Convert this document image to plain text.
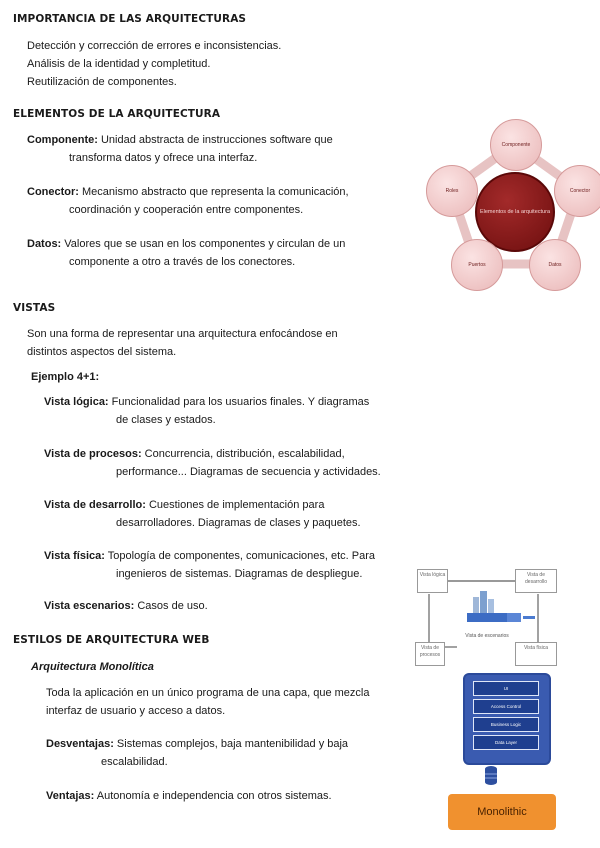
IMPORTANCIA DE LAS ARQUITECTURAS
Detección y corrección de errores e inconsistencias.
Análisis de la identidad y completitud.
Reutilización de componentes.
ELEMENTOS DE LA ARQUITECTURA
Componente: Unidad abstracta de instrucciones software que
transforma datos y ofrece una interfaz.
Conector: Mecanismo abstracto que representa la comunicación,
coordinación y cooperación entre componentes.
Datos: Valores que se usan en los componentes y circulan de un
componente a otro a través de los conectores.
Elementos de la arquitectura
Componente
Conector
Datos
Puertos
Roles
VISTAS
Son una forma de representar una arquitectura enfocándose en
distintos aspectos del sistema.
Ejemplo 4+1:
Vista lógica: Funcionalidad para los usuarios finales. Y diagramas
de clases y estados.
Vista de procesos: Concurrencia, distribución, escalabilidad,
performance... Diagramas de secuencia y actividades.
Vista de desarrollo: Cuestiones de implementación para
desarrolladores. Diagramas de clases y paquetes.
Vista física: Topología de componentes, comunicaciones, etc. Para
ingenieros de sistemas. Diagramas de despliegue.
Vista escenarios: Casos de uso.
Vista lógica	Vista de desarrollo
Vista de procesos
Vista física
Vista de escenarios
ESTILOS DE ARQUITECTURA WEB
Arquitectura Monolítica
Toda la aplicación en un único programa de una capa, que mezcla
interfaz de usuario y acceso a datos.
Desventajas: Sistemas complejos, baja mantenibilidad y baja
escalabilidad.
Ventajas: Autonomía e independencia con otros sistemas.
UI
Access Control
Business Logic
Data Layer
Monolithic
